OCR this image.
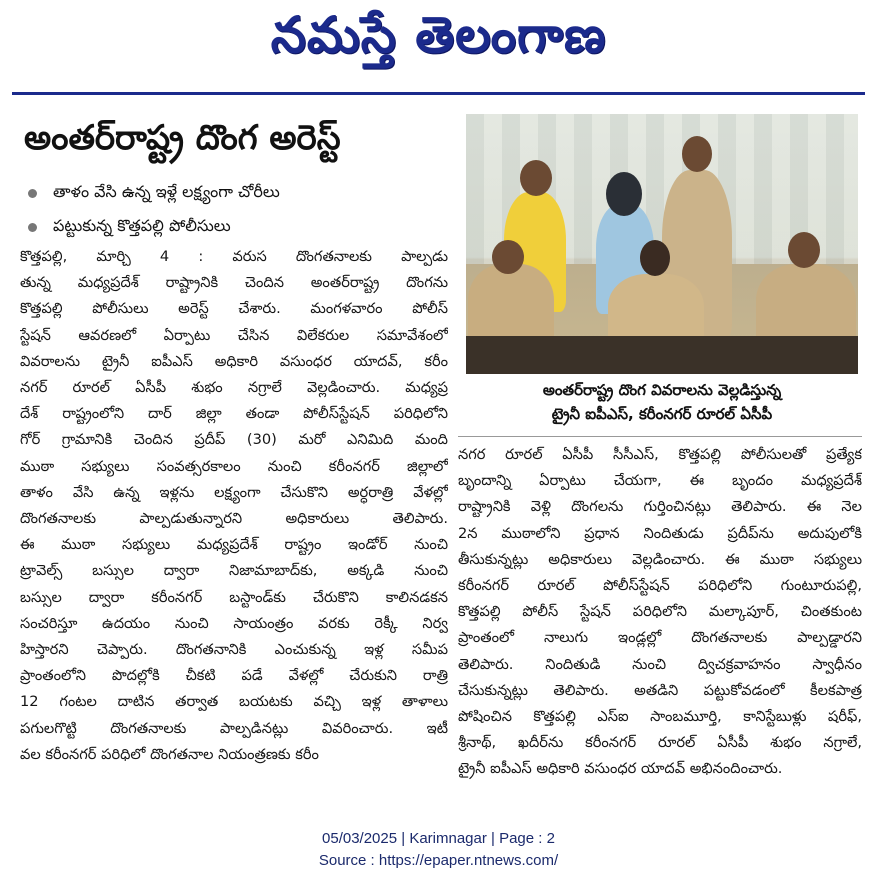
నమస్తే తెలంగాణ
అంతర్‌రాష్ట్ర దొంగ అరెస్ట్
తాళం వేసి ఉన్న ఇళ్లే లక్ష్యంగా చోరీలు
పట్టుకున్న కొత్తపల్లి పోలీసులు
కొత్తపల్లి, మార్చి 4 : వరుస దొంగతనాలకు పాల్పడు
తున్న మధ్యప్రదేశ్ రాష్ట్రానికి చెందిన అంతర్‌రాష్ట్ర దొంగను
కొత్తపల్లి పోలీసులు అరెస్ట్ చేశారు. మంగళవారం పోలీస్
స్టేషన్ ఆవరణలో ఏర్పాటు చేసిన విలేకరుల సమావేశంలో
వివరాలను ట్రైనీ ఐపీఎస్ అధికారి వసుంధర యాదవ్, కరీం
నగర్ రూరల్ ఏసీపీ శుభం నగ్రాలే వెల్లడించారు. మధ్యప్ర
దేశ్ రాష్ట్రంలోని దార్ జిల్లా తండా పోలీస్‌స్టేషన్ పరిధిలోని
గోర్ గ్రామానికి చెందిన ప్రదీప్ (30) మరో ఎనిమిది మంది
ముఠా సభ్యులు సంవత్సరకాలం నుంచి కరీంనగర్ జిల్లాలో
తాళం వేసి ఉన్న ఇళ్లను లక్ష్యంగా చేసుకొని అర్ధరాత్రి వేళల్లో
దొంగతనాలకు పాల్పడుతున్నారని అధికారులు తెలిపారు.
ఈ ముఠా సభ్యులు మధ్యప్రదేశ్ రాష్ట్రం ఇండోర్ నుంచి
ట్రావెల్స్ బస్సుల ద్వారా నిజామాబాద్‌కు, అక్కడి నుంచి
బస్సుల ద్వారా కరీంనగర్ బస్టాండ్‌కు చేరుకొని కాలినడకన
సంచరిస్తూ ఉదయం నుంచి సాయంత్రం వరకు రెక్కీ నిర్వ
హిస్తారని చెప్పారు. దొంగతనానికి ఎంచుకున్న ఇళ్ల సమీప
ప్రాంతంలోని పొదల్లోకి చీకటి పడే వేళల్లో చేరుకుని రాత్రి
12 గంటల దాటిన తర్వాత బయటకు వచ్చి ఇళ్ల తాళాలు
పగులగొట్టి దొంగతనాలకు పాల్పడినట్లు వివరించారు. ఇటీ
వల కరీంనగర్ పరిధిలో దొంగతనాల నియంత్రణకు కరీం
అంతర్‌రాష్ట్ర దొంగ వివరాలను వెల్లడిస్తున్న
ట్రైనీ ఐపీఎస్, కరీంనగర్ రూరల్ ఏసీపీ
నగర రూరల్ ఏసీపీ సీసీఎస్, కొత్తపల్లి పోలీసులతో ప్రత్యేక
బృందాన్ని ఏర్పాటు చేయగా, ఈ బృందం మధ్యప్రదేశ్
రాష్ట్రానికి వెళ్లి దొంగలను గుర్తించినట్లు తెలిపారు. ఈ నెల
2న ముఠాలోని ప్రధాన నిందితుడు ప్రదీప్‌ను అదుపులోకి
తీసుకున్నట్లు అధికారులు వెల్లడించారు. ఈ ముఠా సభ్యులు
కరీంనగర్ రూరల్ పోలీస్‌స్టేషన్ పరిధిలోని గుంటూరుపల్లి,
కొత్తపల్లి పోలీస్ స్టేషన్ పరిధిలోని మల్కాపూర్, చింతకుంట
ప్రాంతంలో నాలుగు ఇండ్లల్లో దొంగతనాలకు పాల్పడ్డారని
తెలిపారు. నిందితుడి నుంచి ద్విచక్రవాహనం స్వాధీనం
చేసుకున్నట్లు తెలిపారు. అతడిని పట్టుకోవడంలో కీలకపాత్ర
పోషించిన కొత్తపల్లి ఎస్ఐ సాంబమూర్తి, కానిస్టేబుళ్లు షరీఫ్,
శ్రీనాథ్, ఖదీర్‌ను కరీంనగర్ రూరల్ ఏసీపీ శుభం నగ్రాలే,
ట్రైనీ ఐపీఎస్ అధికారి వసుంధర యాదవ్ అభినందించారు.
05/03/2025 | Karimnagar | Page : 2
Source : https://epaper.ntnews.com/
